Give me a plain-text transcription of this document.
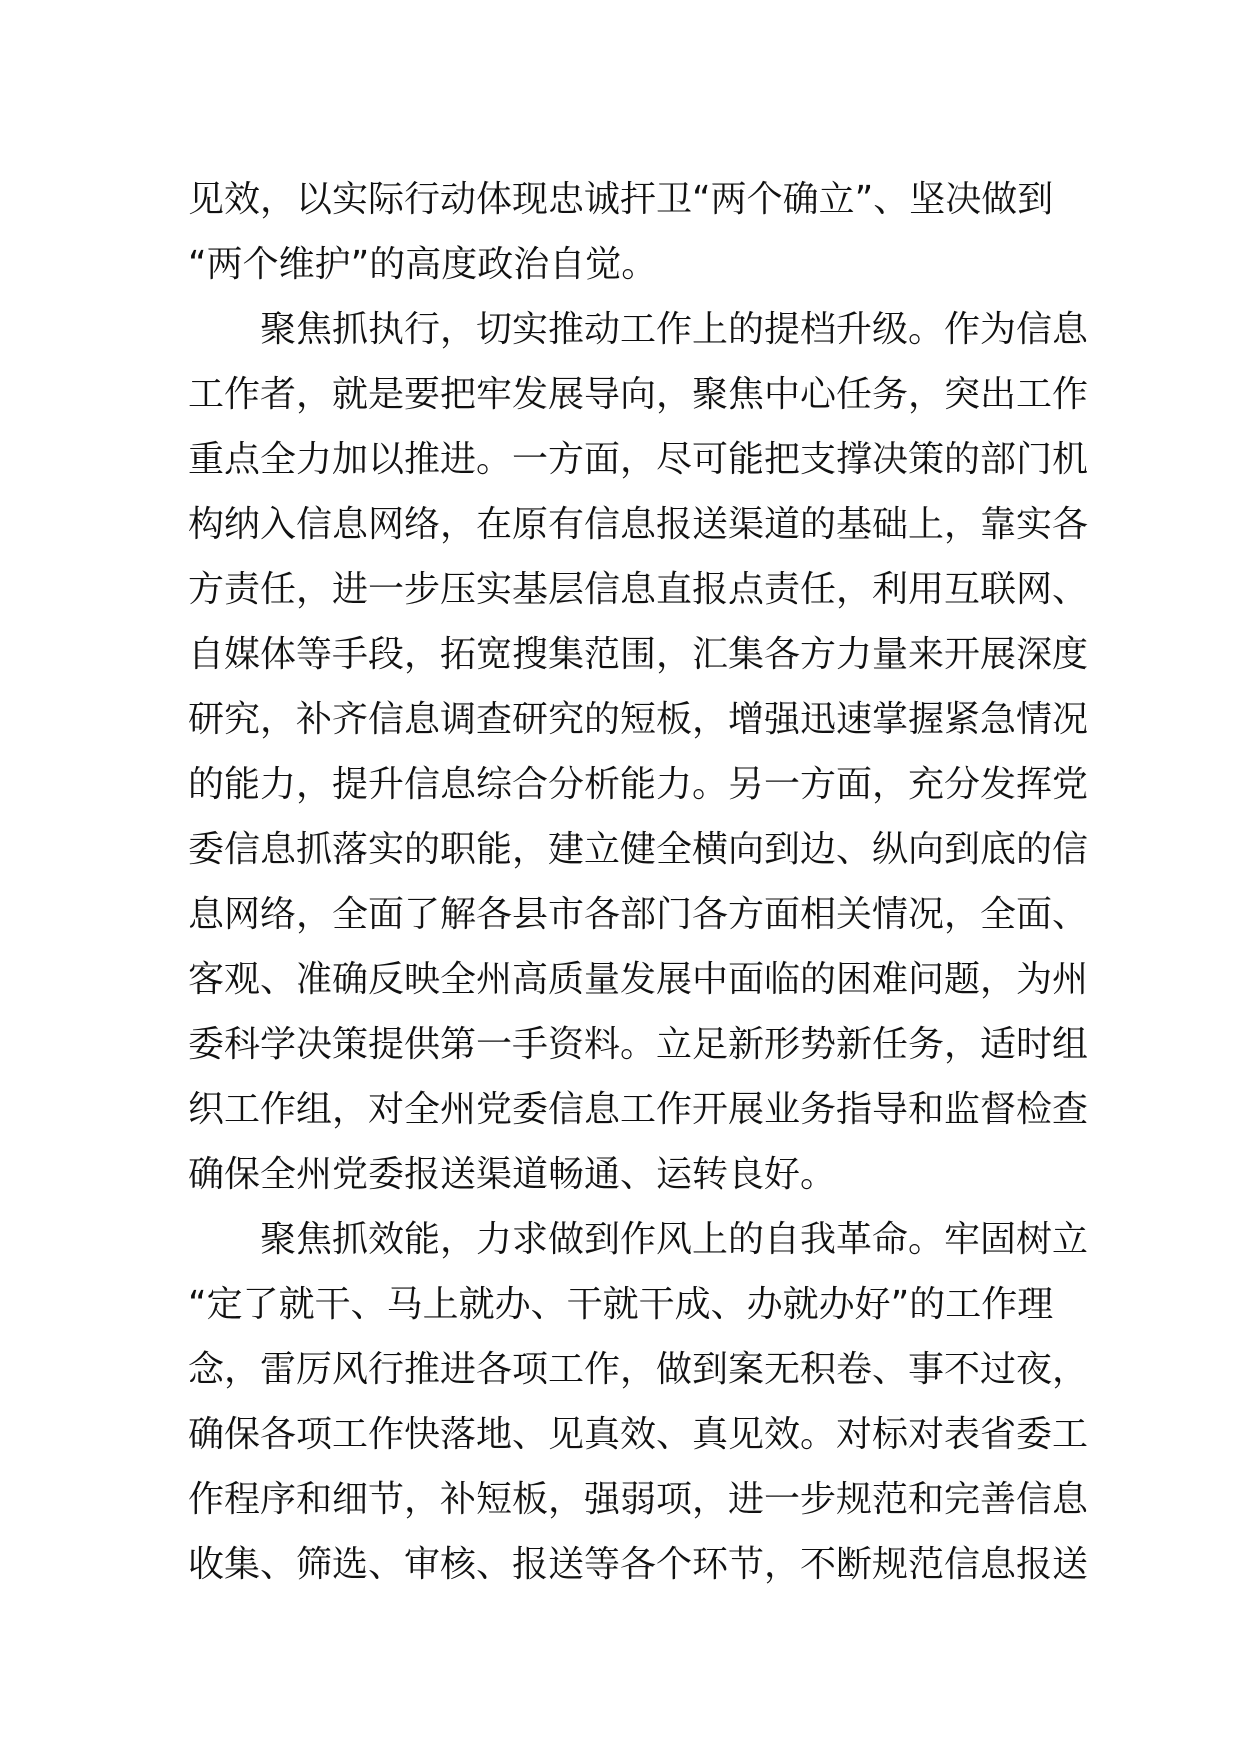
见效，以实际行动体现忠诚扞卫“两个确立”、坚决做到
“两个维护”的高度政治自觉。

聚焦抓执行，切实推动工作上的提档升级。作为信息
工作者，就是要把牢发展导向，聚焦中心任务，突出工作
重点全力加以推进。一方面，尽可能把支撑决策的部门机
构纳入信息网络，在原有信息报送渠道的基础上，靠实各
方责任，进一步压实基层信息直报点责任，利用互联网、
自媒体等手段，拓宽搜集范围，汇集各方力量来开展深度
研究，补齐信息调查研究的短板，增强迅速掌握紧急情况
的能力，提升信息综合分析能力。另一方面，充分发挥党
委信息抓落实的职能，建立健全横向到边、纵向到底的信
息网络，全面了解各县市各部门各方面相关情况，全面、
客观、准确反映全州高质量发展中面临的困难问题，为州
委科学决策提供第一手资料。立足新形势新任务，适时组
织工作组，对全州党委信息工作开展业务指导和监督检查
确保全州党委报送渠道畅通、运转良好。

聚焦抓效能，力求做到作风上的自我革命。牢固树立
“定了就干、马上就办、干就干成、办就办好”的工作理
念，雷厉风行推进各项工作，做到案无积卷、事不过夜，
确保各项工作快落地、见真效、真见效。对标对表省委工
作程序和细节，补短板，强弱项，进一步规范和完善信息
收集、筛选、审核、报送等各个环节，不断规范信息报送
